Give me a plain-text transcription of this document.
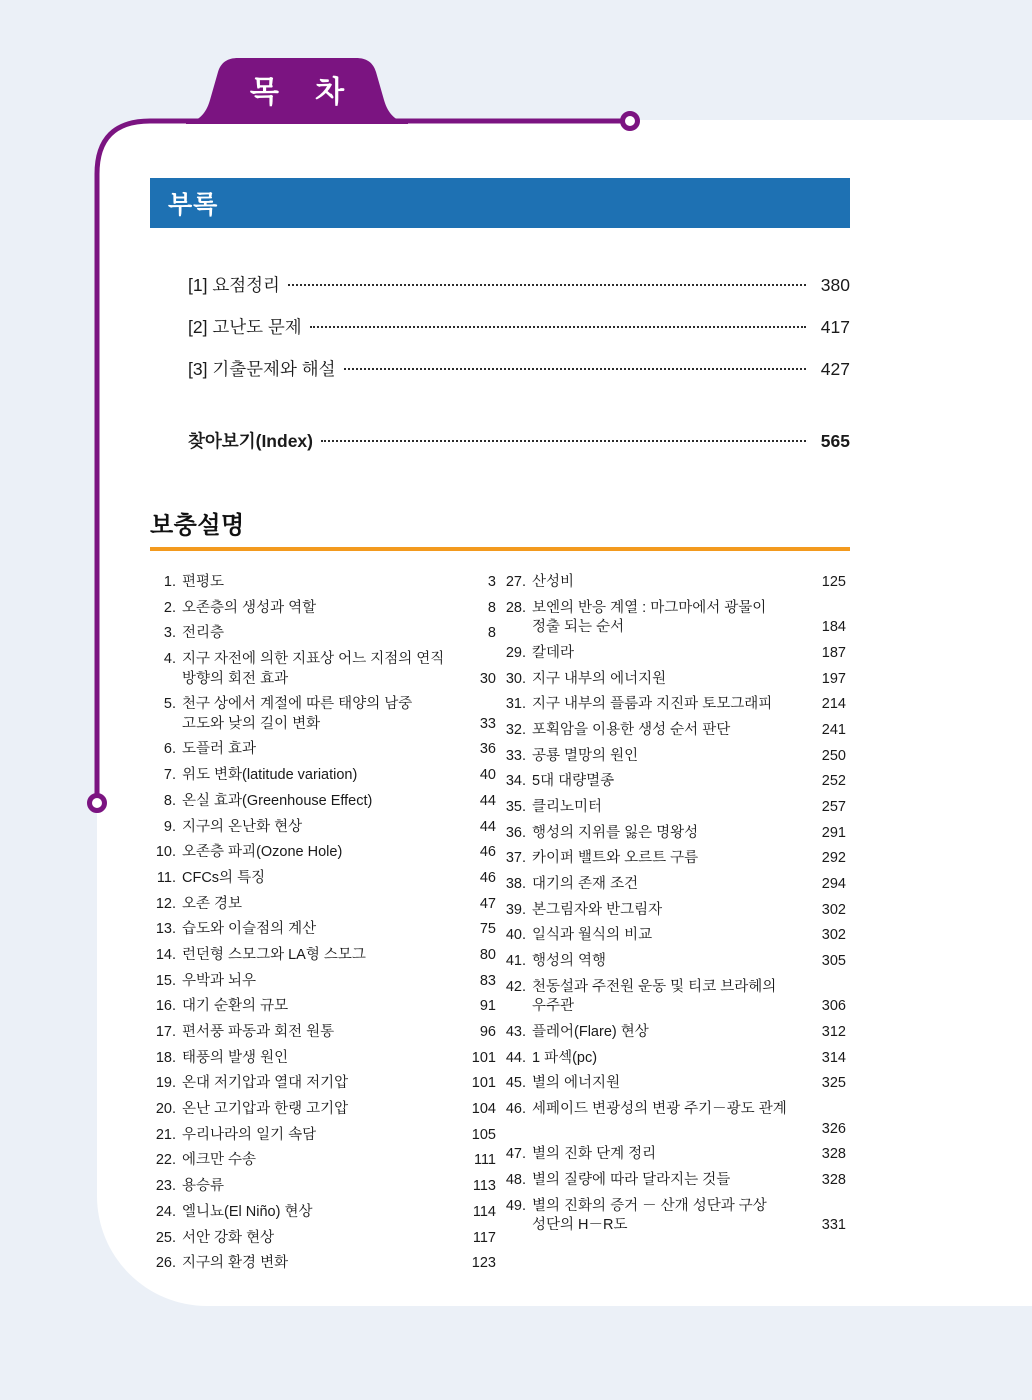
목 차
부록
[1] 요점정리	380
[2] 고난도 문제	417
[3] 기출문제와 해설	427
찾아보기(Index)	565
보충설명
1. 편평도	3
2. 오존층의 생성과 역할	8
3. 전리층	8
4. 지구 자전에 의한 지표상 어느 지점의 연직
방향의 회전 효과	30
5. 천구 상에서 계절에 따른 태양의 남중
고도와 낮의 길이 변화	33
6. 도플러 효과	36
7. 위도 변화(latitude variation)	40
8. 온실 효과(Greenhouse Effect)	44
9. 지구의 온난화 현상	44
10. 오존층 파괴(Ozone Hole)	46
11. CFCs의 특징	46
12. 오존 경보	47
13. 습도와 이슬점의 계산	75
14. 런던형 스모그와 LA형 스모그	80
15. 우박과 뇌우	83
16. 대기 순환의 규모	91
17. 편서풍 파동과 회전 원통	96
18. 태풍의 발생 원인	101
19. 온대 저기압과 열대 저기압	101
20. 온난 고기압과 한랭 고기압	104
21. 우리나라의 일기 속담	105
22. 에크만 수송	111
23. 용승류	113
24. 엘니뇨(El Niño) 현상	114
25. 서안 강화 현상	117
26. 지구의 환경 변화	123
27. 산성비	125
28. 보엔의 반응 계열 : 마그마에서 광물이
정출 되는 순서	184
29. 칼데라	187
30. 지구 내부의 에너지원	197
31. 지구 내부의 플룸과 지진파 토모그래피	214
32. 포획암을 이용한 생성 순서 판단	241
33. 공룡 멸망의 원인	250
34. 5대 대량멸종	252
35. 클리노미터	257
36. 행성의 지위를 잃은 명왕성	291
37. 카이퍼 밸트와 오르트 구름	292
38. 대기의 존재 조건	294
39. 본그림자와 반그림자	302
40. 일식과 월식의 비교	302
41. 행성의 역행	305
42. 천동설과 주전원 운동 및 티코 브라헤의
우주관	306
43. 플레어(Flare) 현상	312
44. 1 파섹(pc)	314
45. 별의 에너지원	325
46. 세페이드 변광성의 변광 주기－광도 관계
326
47. 별의 진화 단계 정리	328
48. 별의 질량에 따라 달라지는 것들	328
49. 별의 진화의 증거 － 산개 성단과 구상
성단의 H－R도	331
